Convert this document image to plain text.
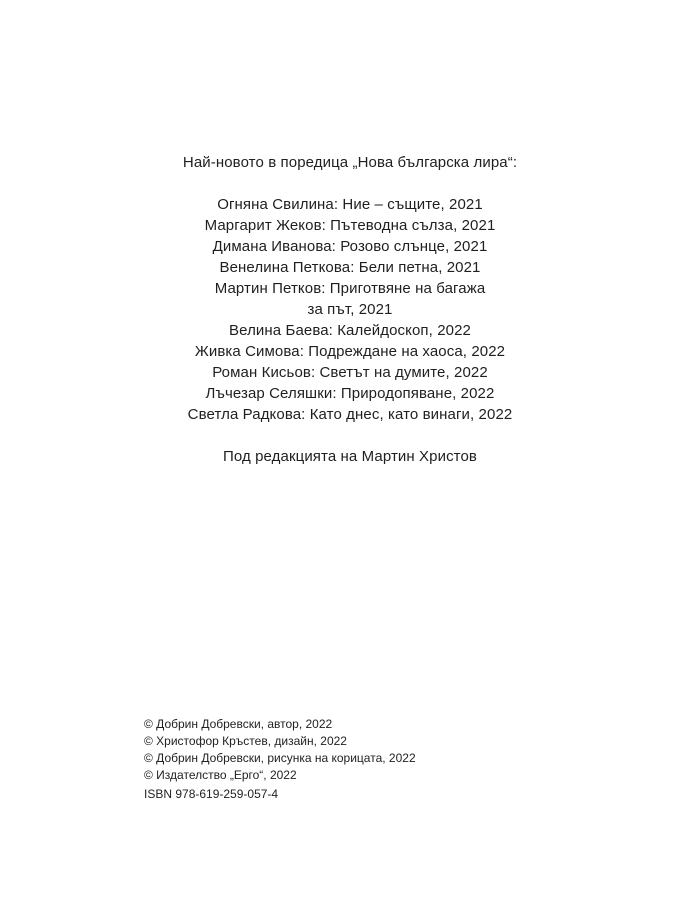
Най-новото в поредица „Нова българска лира“:
Огняна Свилина: Ние – същите, 2021
Маргарит Жеков: Пътеводна сълза, 2021
Димана Иванова: Розово слънце, 2021
Венелина Петкова: Бели петна, 2021
Мартин Петков: Приготвяне на багажа
за път, 2021
Велина Баева: Калейдоскоп, 2022
Живка Симова: Подреждане на хаоса, 2022
Роман Кисьов: Светът на думите, 2022
Лъчезар Селяшки: Природопяване, 2022
Светла Радкова: Като днес, като винаги, 2022
Под редакцията на Мартин Христов
© Добрин Добревски, автор, 2022
© Христофор Кръстев, дизайн, 2022
© Добрин Добревски, рисунка на корицата, 2022
© Издателство „Ерго“, 2022
ISBN 978-619-259-057-4
